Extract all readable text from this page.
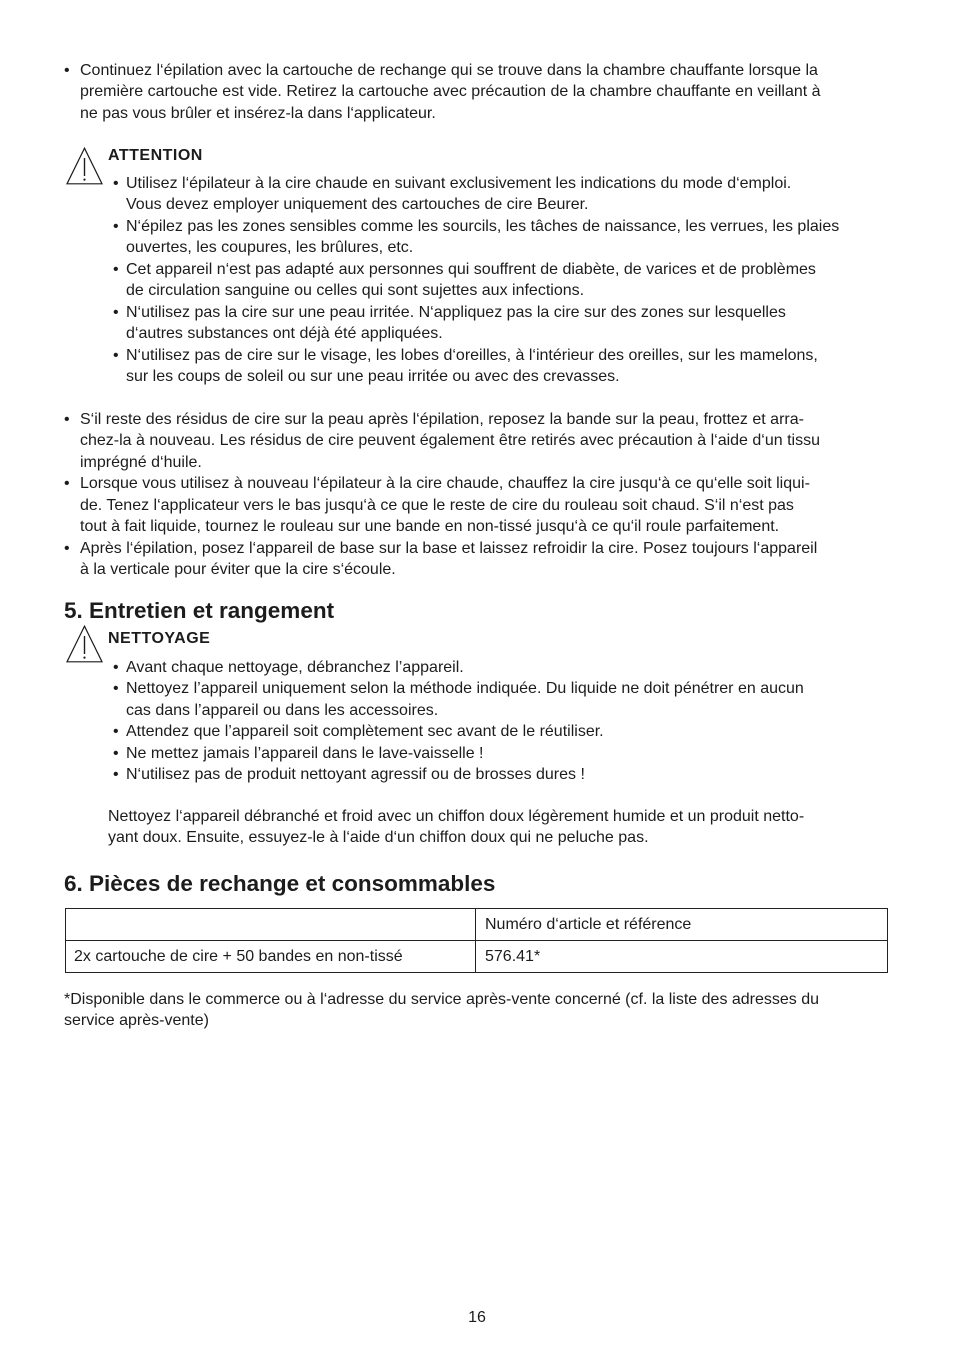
• Continuez l‘épilation avec la cartouche de rechange qui se trouve dans la chambre chauffante lorsque la
première cartouche est vide. Retirez la cartouche avec précaution de la chambre chauffante en veillant à
ne pas vous brûler et insérez-la dans l‘applicateur.
ATTENTION
• Utilisez l‘épilateur à la cire chaude en suivant exclusivement les indications du mode d‘emploi.
Vous devez employer uniquement des cartouches de cire Beurer.
• N‘épilez pas les zones sensibles comme les sourcils, les tâches de naissance, les verrues, les plaies
ouvertes, les coupures, les brûlures, etc.
• Cet appareil n‘est pas adapté aux personnes qui souffrent de diabète, de varices et de problèmes
de circulation sanguine ou celles qui sont sujettes aux infections.
• N‘utilisez pas la cire sur une peau irritée. N‘appliquez pas la cire sur des zones sur lesquelles
d‘autres substances ont déjà été appliquées.
• N‘utilisez pas de cire sur le visage, les lobes d‘oreilles, à l‘intérieur des oreilles, sur les mamelons,
sur les coups de soleil ou sur une peau irritée ou avec des crevasses.
• S‘il reste des résidus de cire sur la peau après l‘épilation, reposez la bande sur la peau, frottez et arra-
chez-la à nouveau. Les résidus de cire peuvent également être retirés avec précaution à l‘aide d‘un tissu
imprégné d‘huile.
• Lorsque vous utilisez à nouveau l‘épilateur à la cire chaude, chauffez la cire jusqu‘à ce qu‘elle soit liqui-
de. Tenez l‘applicateur vers le bas jusqu‘à ce que le reste de cire du rouleau soit chaud. S‘il n‘est pas
tout à fait liquide, tournez le rouleau sur une bande en non-tissé jusqu‘à ce qu‘il roule parfaitement.
• Après l‘épilation, posez l‘appareil de base sur la base et laissez refroidir la cire. Posez toujours l‘appareil
à la verticale pour éviter que la cire s‘écoule.
5. Entretien et rangement
NETTOYAGE
• Avant chaque nettoyage, débranchez l’appareil.
• Nettoyez l’appareil uniquement selon la méthode indiquée. Du liquide ne doit pénétrer en aucun
cas dans l’appareil ou dans les accessoires.
• Attendez que l’appareil soit complètement sec avant de le réutiliser.
• Ne mettez jamais l’appareil dans le lave-vaisselle !
• N‘utilisez pas de produit nettoyant agressif ou de brosses dures !
Nettoyez l‘appareil débranché et froid avec un chiffon doux légèrement humide et un produit netto-
yant doux. Ensuite, essuyez-le à l‘aide d‘un chiffon doux qui ne peluche pas.
6. Pièces de rechange et consommables
Numéro d‘article et référence
2x cartouche de cire + 50 bandes en non-tissé	576.41*
*Disponible dans le commerce ou à l‘adresse du service après-vente concerné (cf. la liste des adresses du
service après-vente)
16
